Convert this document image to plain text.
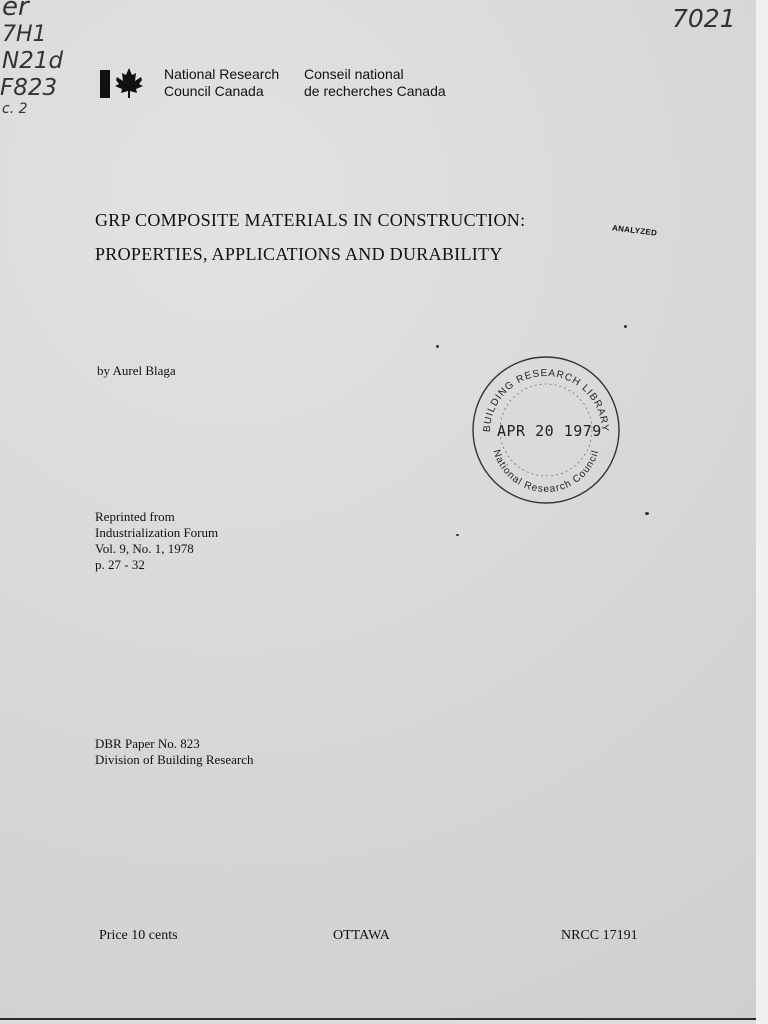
er
7H1
N21d
F823
c. 2
7021
National Research
Council Canada
Conseil national
de recherches Canada
GRP COMPOSITE MATERIALS IN CONSTRUCTION:
PROPERTIES, APPLICATIONS AND DURABILITY
ANALYZED
by Aurel Blaga
BUILDING RESEARCH LIBRARY
National Research Council
APR 20 1979
Reprinted from
Industrialization Forum
Vol. 9, No. 1, 1978
p. 27 - 32
DBR Paper No. 823
Division of Building Research
Price 10 cents	OTTAWA	NRCC 17191
